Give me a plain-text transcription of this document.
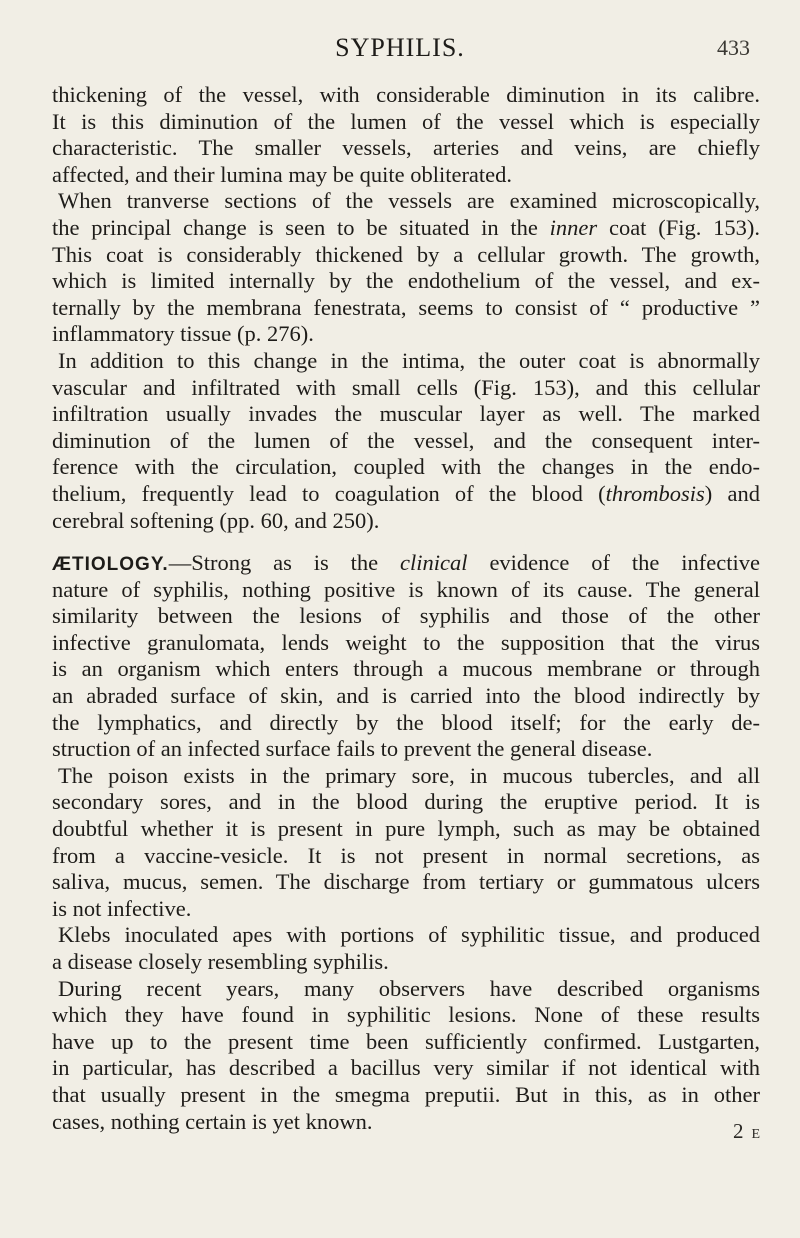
SYPHILIS.	433
thickening of the vessel, with considerable diminution in its calibre.
It is this diminution of the lumen of the vessel which is especially
characteristic. The smaller vessels, arteries and veins, are chiefly
affected, and their lumina may be quite obliterated.
When tranverse sections of the vessels are examined microscopically,
the principal change is seen to be situated in the inner coat (Fig. 153).
This coat is considerably thickened by a cellular growth. The growth,
which is limited internally by the endothelium of the vessel, and ex-
ternally by the membrana fenestrata, seems to consist of “ productive ”
inflammatory tissue (p. 276).
In addition to this change in the intima, the outer coat is abnormally
vascular and infiltrated with small cells (Fig. 153), and this cellular
infiltration usually invades the muscular layer as well. The marked
diminution of the lumen of the vessel, and the consequent inter-
ference with the circulation, coupled with the changes in the endo-
thelium, frequently lead to coagulation of the blood (thrombosis) and
cerebral softening (pp. 60, and 250).
ÆTIOLOGY.—Strong as is the clinical evidence of the infective
nature of syphilis, nothing positive is known of its cause. The general
similarity between the lesions of syphilis and those of the other
infective granulomata, lends weight to the supposition that the virus
is an organism which enters through a mucous membrane or through
an abraded surface of skin, and is carried into the blood indirectly by
the lymphatics, and directly by the blood itself; for the early de-
struction of an infected surface fails to prevent the general disease.
The poison exists in the primary sore, in mucous tubercles, and all
secondary sores, and in the blood during the eruptive period. It is
doubtful whether it is present in pure lymph, such as may be obtained
from a vaccine-vesicle. It is not present in normal secretions, as
saliva, mucus, semen. The discharge from tertiary or gummatous ulcers
is not infective.
Klebs inoculated apes with portions of syphilitic tissue, and produced
a disease closely resembling syphilis.
During recent years, many observers have described organisms
which they have found in syphilitic lesions. None of these results
have up to the present time been sufficiently confirmed. Lustgarten,
in particular, has described a bacillus very similar if not identical with
that usually present in the smegma preputii. But in this, as in other
cases, nothing certain is yet known.	2 E
